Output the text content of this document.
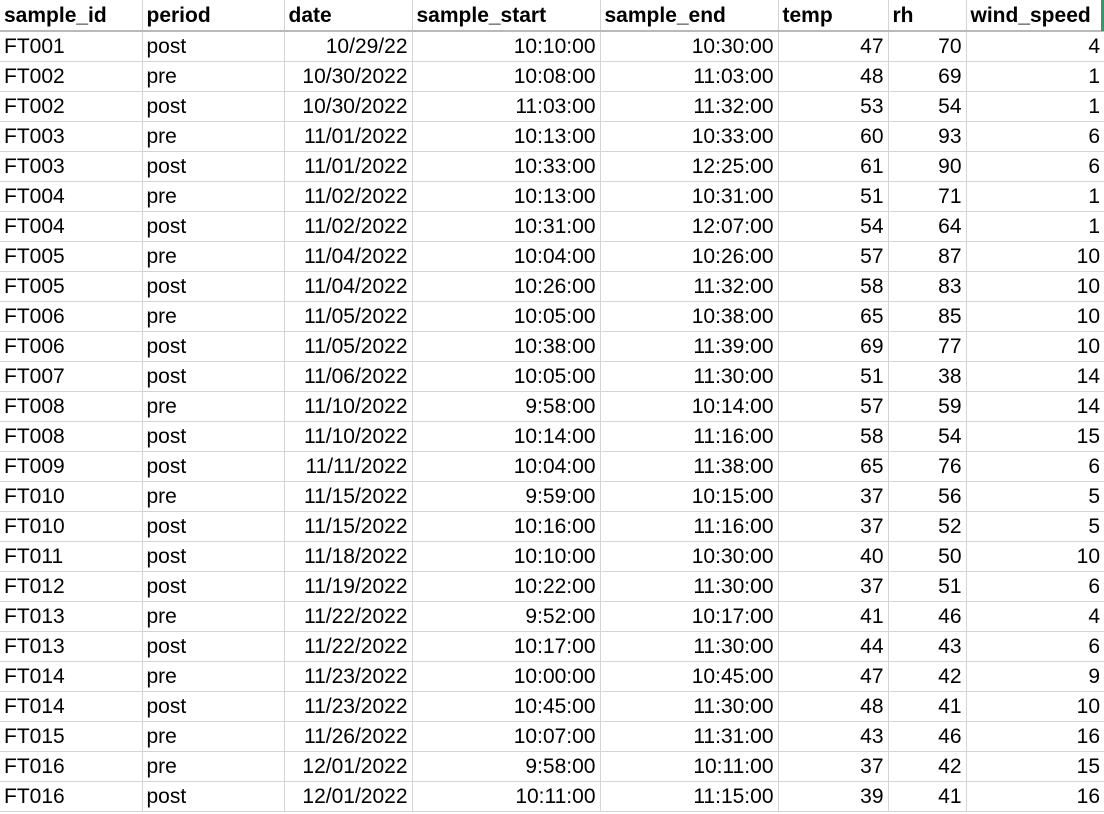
sample_id	period	date	sample_start	sample_end	temp	rh	wind_speed
FT001	post	10/29/22	10:10:00	10:30:00	47	70	4
FT002	pre	10/30/2022	10:08:00	11:03:00	48	69	1
FT002	post	10/30/2022	11:03:00	11:32:00	53	54	1
FT003	pre	11/01/2022	10:13:00	10:33:00	60	93	6
FT003	post	11/01/2022	10:33:00	12:25:00	61	90	6
FT004	pre	11/02/2022	10:13:00	10:31:00	51	71	1
FT004	post	11/02/2022	10:31:00	12:07:00	54	64	1
FT005	pre	11/04/2022	10:04:00	10:26:00	57	87	10
FT005	post	11/04/2022	10:26:00	11:32:00	58	83	10
FT006	pre	11/05/2022	10:05:00	10:38:00	65	85	10
FT006	post	11/05/2022	10:38:00	11:39:00	69	77	10
FT007	post	11/06/2022	10:05:00	11:30:00	51	38	14
FT008	pre	11/10/2022	9:58:00	10:14:00	57	59	14
FT008	post	11/10/2022	10:14:00	11:16:00	58	54	15
FT009	post	11/11/2022	10:04:00	11:38:00	65	76	6
FT010	pre	11/15/2022	9:59:00	10:15:00	37	56	5
FT010	post	11/15/2022	10:16:00	11:16:00	37	52	5
FT011	post	11/18/2022	10:10:00	10:30:00	40	50	10
FT012	post	11/19/2022	10:22:00	11:30:00	37	51	6
FT013	pre	11/22/2022	9:52:00	10:17:00	41	46	4
FT013	post	11/22/2022	10:17:00	11:30:00	44	43	6
FT014	pre	11/23/2022	10:00:00	10:45:00	47	42	9
FT014	post	11/23/2022	10:45:00	11:30:00	48	41	10
FT015	pre	11/26/2022	10:07:00	11:31:00	43	46	16
FT016	pre	12/01/2022	9:58:00	10:11:00	37	42	15
FT016	post	12/01/2022	10:11:00	11:15:00	39	41	16
